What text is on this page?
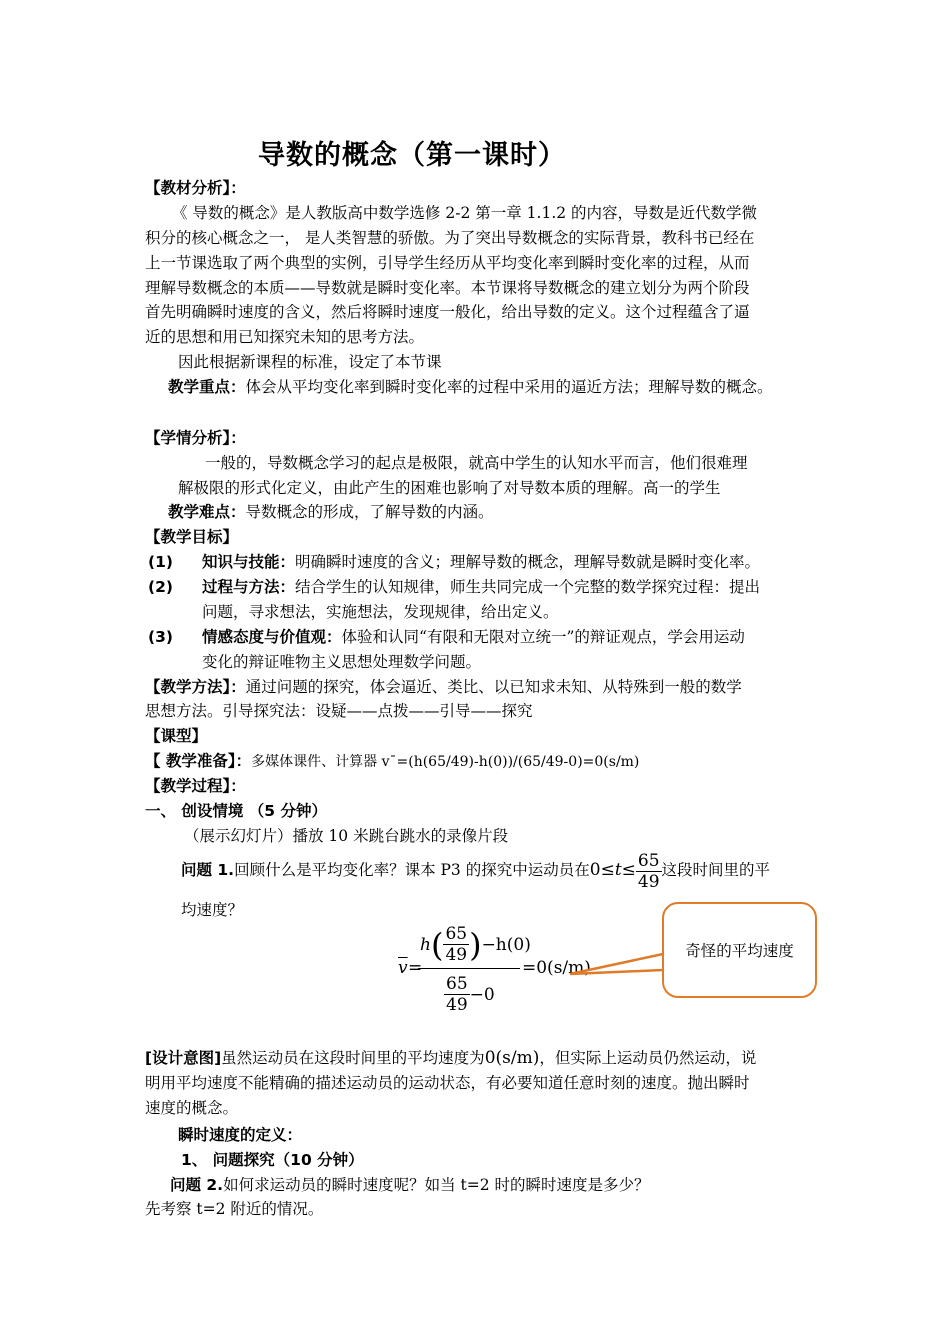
导数的概念（第一课时）
【教材分析】：
《 导数的概念》是人教版高中数学选修 2-2 第一章 1.1.2 的内容，导数是近代数学微
积分的核心概念之一， 是人类智慧的骄傲。为了突出导数概念的实际背景，教科书已经在
上一节课选取了两个典型的实例，引导学生经历从平均变化率到瞬时变化率的过程，从而
理解导数概念的本质——导数就是瞬时变化率。本节课将导数概念的建立划分为两个阶段
首先明确瞬时速度的含义，然后将瞬时速度一般化，给出导数的定义。这个过程蕴含了逼
近的思想和用已知探究未知的思考方法。
因此根据新课程的标准，设定了本节课
教学重点：体会从平均变化率到瞬时变化率的过程中采用的逼近方法；理解导数的概念。
【学情分析】：
一般的，导数概念学习的起点是极限，就高中学生的认知水平而言，他们很难理
解极限的形式化定义，由此产生的困难也影响了对导数本质的理解。高一的学生
教学难点：导数概念的形成，了解导数的内涵。
【教学目标】
(1) 知识与技能：明确瞬时速度的含义；理解导数的概念，理解导数就是瞬时变化率。
(2) 过程与方法：结合学生的认知规律，师生共同完成一个完整的数学探究过程：提出
问题，寻求想法，实施想法，发现规律，给出定义。
(3) 情感态度与价值观：体验和认同“有限和无限对立统一”的辩证观点，学会用运动
变化的辩证唯物主义思想处理数学问题。
【教学方法】：通过问题的探究，体会逼近、类比、以已知求未知、从特殊到一般的数学
思想方法。引导探究法：设疑——点拨——引导——探究
【课型】
【 教学准备】：多媒体课件、计算器 v¯=(h(65/49)-h(0))/(65/49-0)=0(s/m)
【教学过程】：
一、 创设情境 （5 分钟）
（展示幻灯片）播放 10 米跳台跳水的录像片段
问题 1.回顾什么是平均变化率？课本 P3 的探究中运动员在$0\le t\le \frac{65}{49}$ 这段时间里的平
均速度？
$\overline{v}$ =
h ( $\frac{65}{49}$ ) −h(0)
$\frac{65}{49} -0$
=0(s/m)
奇怪的平均速度
[设计意图]虽然运动员在这段时间里的平均速度为0(s/m)，但实际上运动员仍然运动，说
明用平均速度不能精确的描述运动员的运动状态，有必要知道任意时刻的速度。抛出瞬时
速度的概念。
瞬时速度的定义：
1、 问题探究（10 分钟）
问题 2.如何求运动员的瞬时速度呢？如当 t=2 时的瞬时速度是多少？
先考察 t=2 附近的情况。
